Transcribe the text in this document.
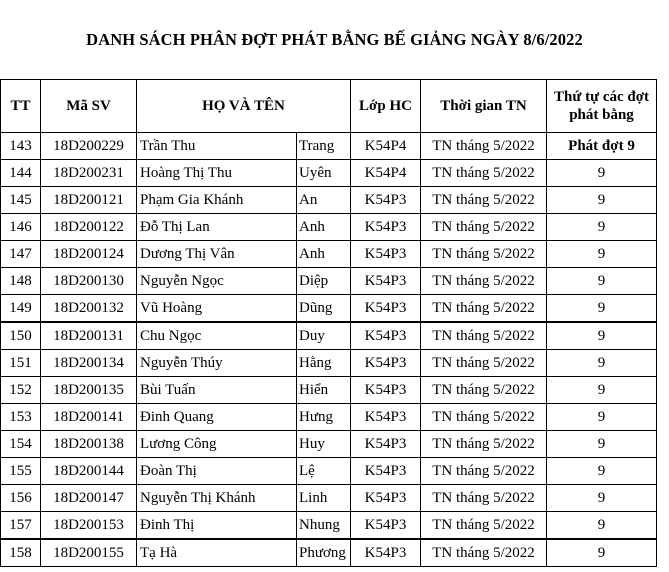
DANH SÁCH PHÂN ĐỢT PHÁT BẰNG BẾ GIẢNG NGÀY 8/6/2022
TT	Mã SV	HỌ VÀ TÊN		Lớp HC	Thời gian TN	Thứ tự các đợt phát bằng
143	18D200229	Trần Thu	Trang	K54P4	TN tháng 5/2022	Phát đợt 9
144	18D200231	Hoàng Thị Thu	Uyên	K54P4	TN tháng 5/2022	9
145	18D200121	Phạm Gia Khánh	An	K54P3	TN tháng 5/2022	9
146	18D200122	Đỗ Thị Lan	Anh	K54P3	TN tháng 5/2022	9
147	18D200124	Dương Thị Vân	Anh	K54P3	TN tháng 5/2022	9
148	18D200130	Nguyễn Ngọc	Diệp	K54P3	TN tháng 5/2022	9
149	18D200132	Vũ Hoàng	Dũng	K54P3	TN tháng 5/2022	9
150	18D200131	Chu Ngọc	Duy	K54P3	TN tháng 5/2022	9
151	18D200134	Nguyễn Thúy	Hằng	K54P3	TN tháng 5/2022	9
152	18D200135	Bùi Tuấn	Hiển	K54P3	TN tháng 5/2022	9
153	18D200141	Đinh Quang	Hưng	K54P3	TN tháng 5/2022	9
154	18D200138	Lương Công	Huy	K54P3	TN tháng 5/2022	9
155	18D200144	Đoàn Thị	Lệ	K54P3	TN tháng 5/2022	9
156	18D200147	Nguyễn Thị Khánh	Linh	K54P3	TN tháng 5/2022	9
157	18D200153	Đinh Thị	Nhung	K54P3	TN tháng 5/2022	9
158	18D200155	Tạ Hà	Phương	K54P3	TN tháng 5/2022	9
